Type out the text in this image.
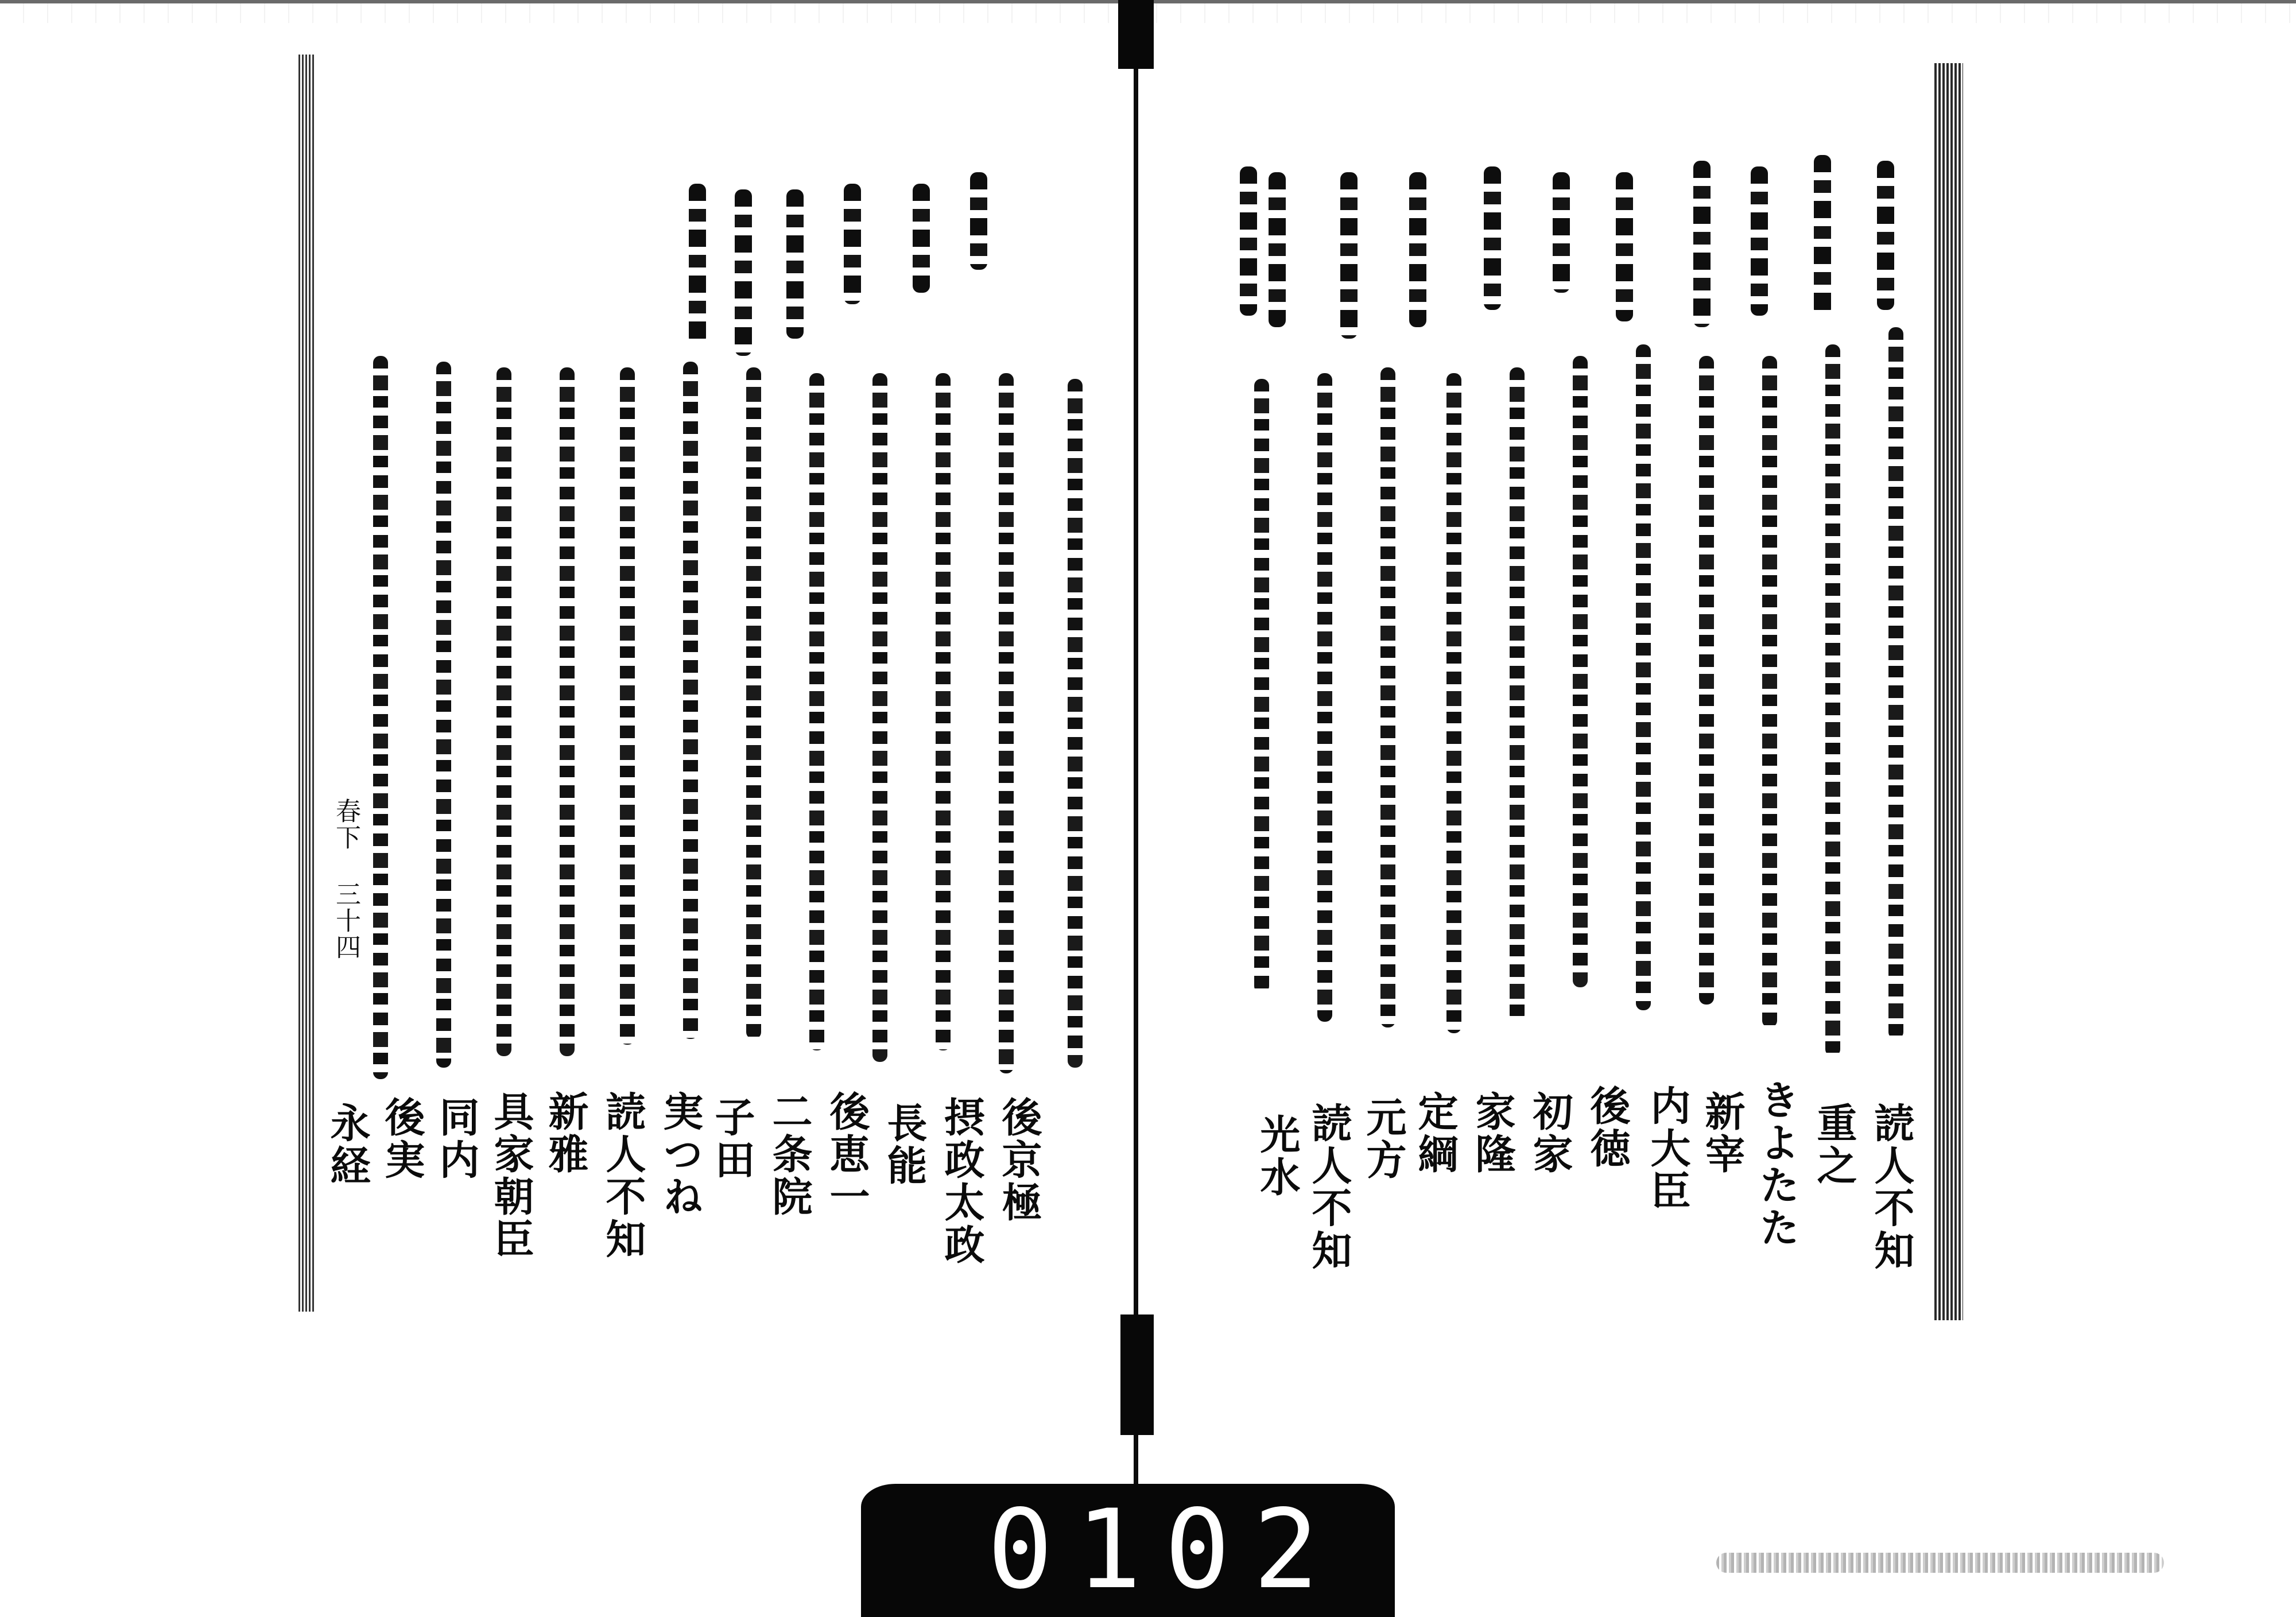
読人不知
重之
きよたた
新宰
内大臣
後徳
初家
家隆
定綱
元方
読人不知
光水
後京極
摂政太政
長能
後恵一
二条院
子田
実つね
読人不知
新雅
具家朝臣
同内
後実
永経
春下 三十四
0102
